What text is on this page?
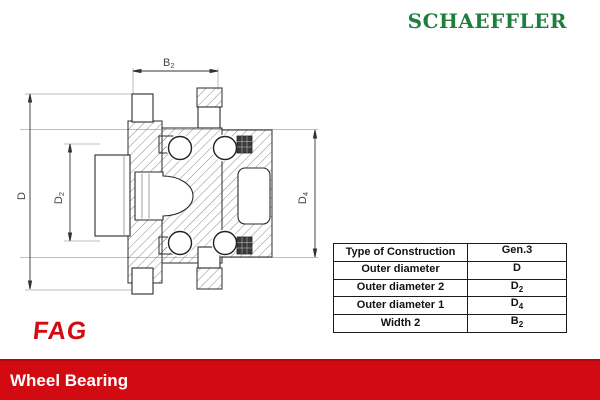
SCHAEFFLER
B2
D
D2
D4
Type of Construction	Gen.3
Outer diameter	D
Outer diameter 2	$D_2$
Outer diameter 1	$D_4$
Width 2	$B_2$
FAG
Wheel Bearing
